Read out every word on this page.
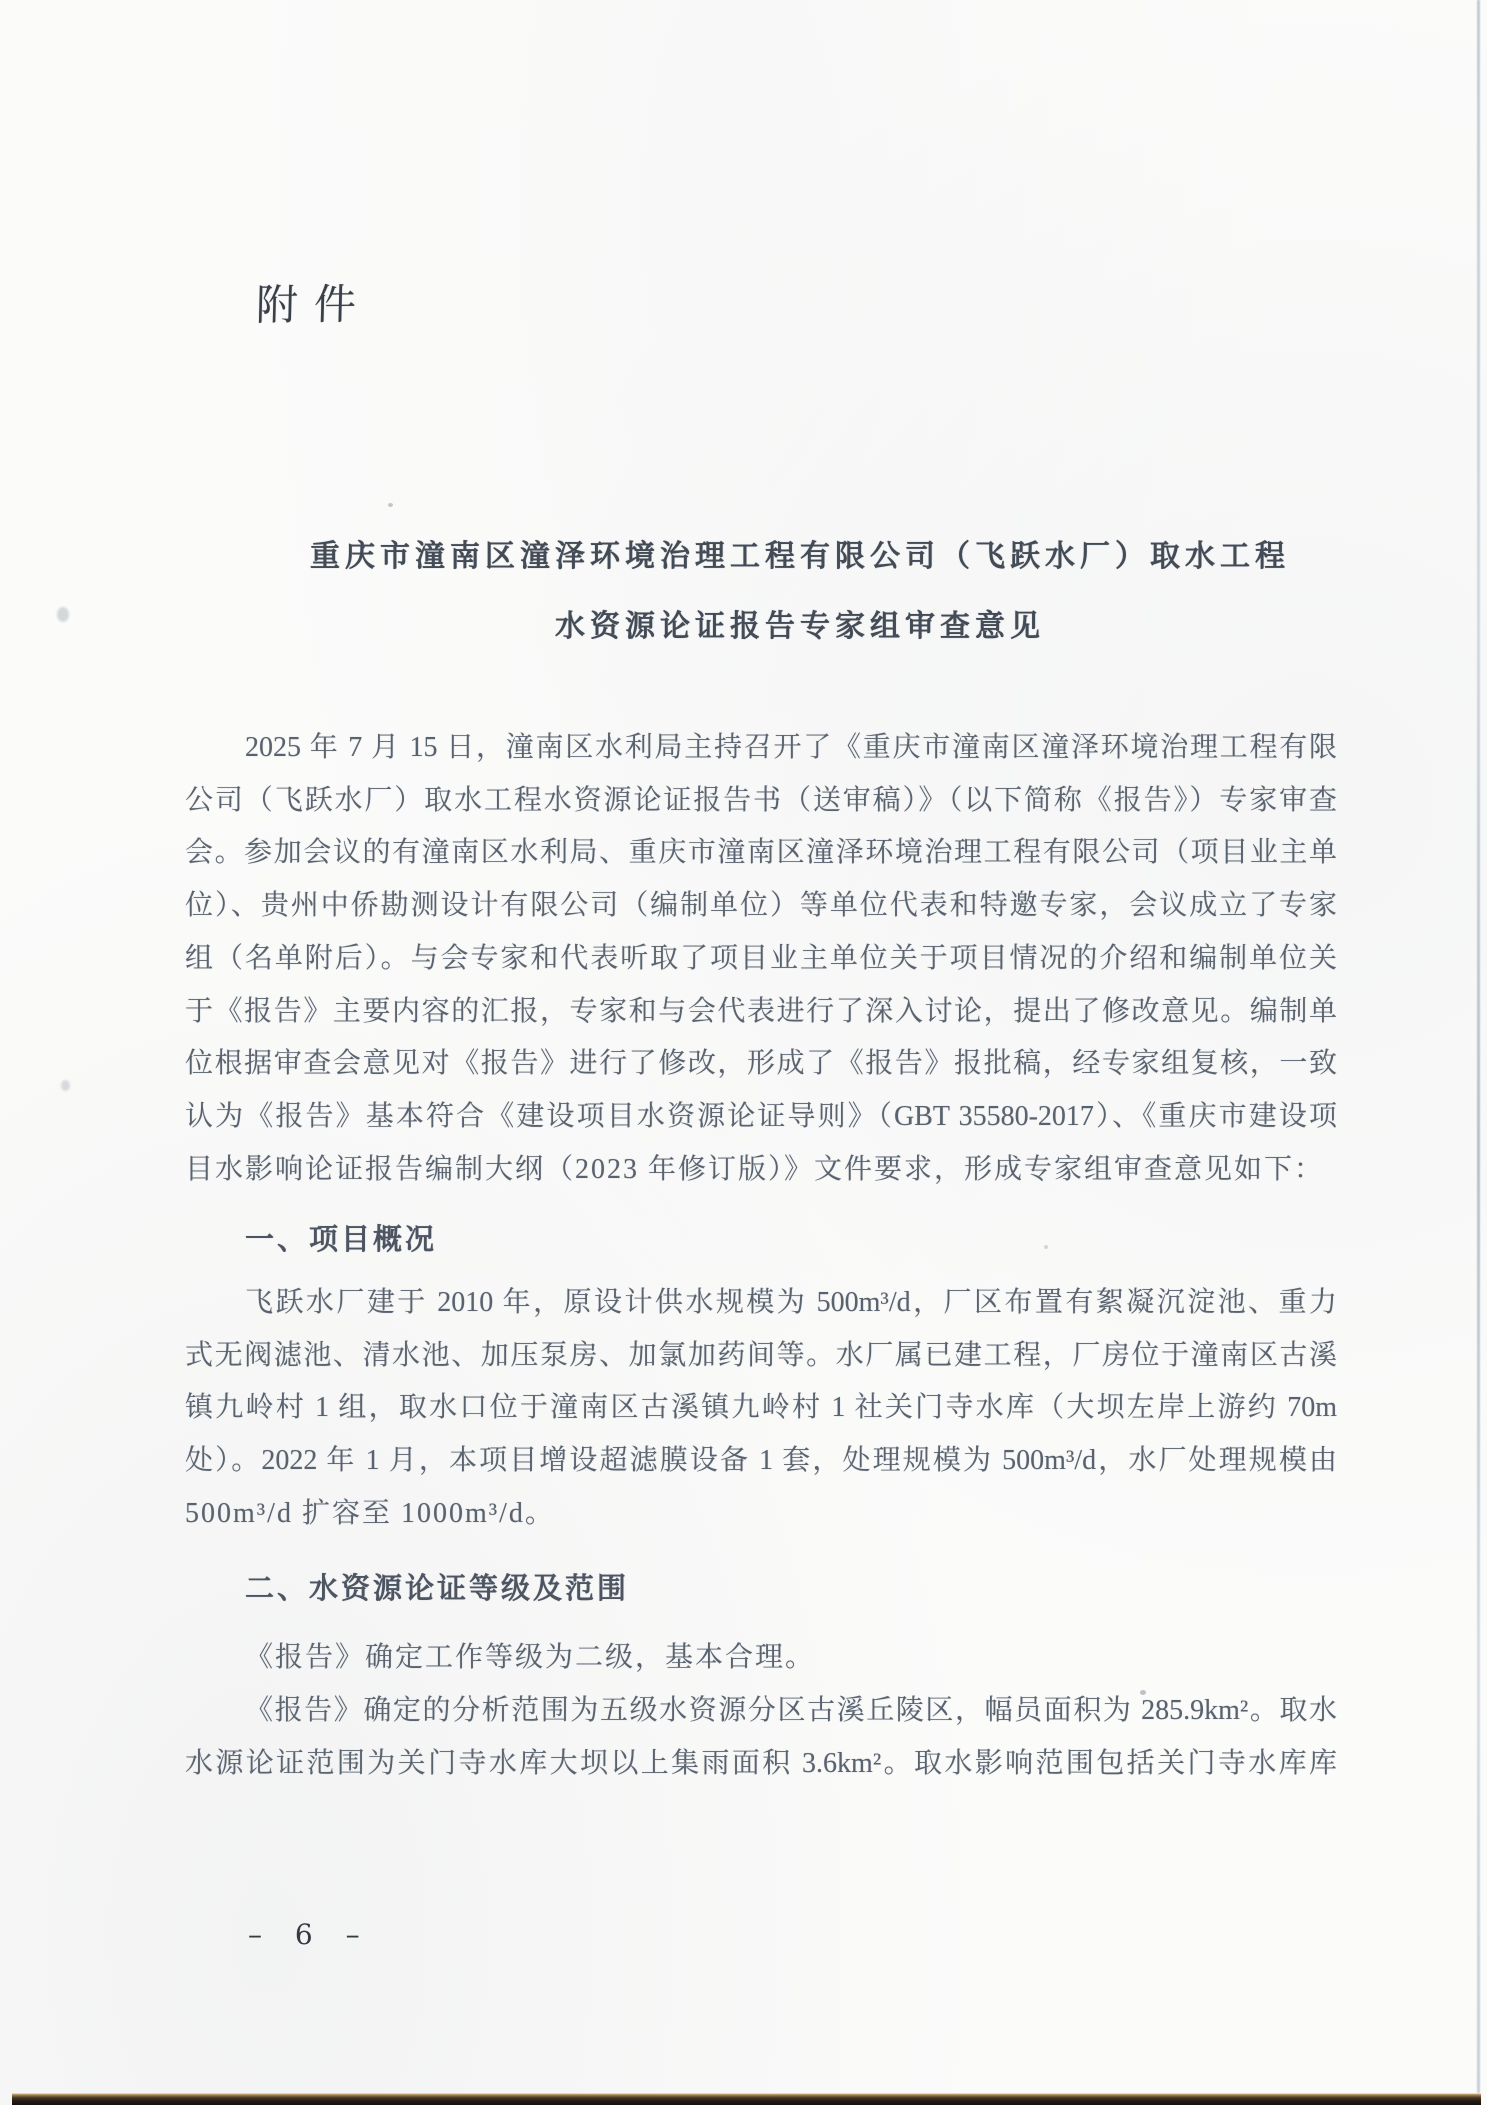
附件
重庆市潼南区潼泽环境治理工程有限公司（飞跃水厂）取水工程
水资源论证报告专家组审查意见
2025 年 7 月 15 日，潼南区水利局主持召开了《重庆市潼南区潼泽环境治理工程有限
公司（飞跃水厂）取水工程水资源论证报告书（送审稿）》（以下简称《报告》）专家审查
会。参加会议的有潼南区水利局、重庆市潼南区潼泽环境治理工程有限公司（项目业主单
位）、贵州中侨勘测设计有限公司（编制单位）等单位代表和特邀专家，会议成立了专家
组（名单附后）。与会专家和代表听取了项目业主单位关于项目情况的介绍和编制单位关
于《报告》主要内容的汇报，专家和与会代表进行了深入讨论，提出了修改意见。编制单
位根据审查会意见对《报告》进行了修改，形成了《报告》报批稿，经专家组复核，一致
认为《报告》基本符合《建设项目水资源论证导则》（GBT 35580-2017）、《重庆市建设项
目水影响论证报告编制大纲（2023 年修订版）》文件要求，形成专家组审查意见如下：
一、项目概况
飞跃水厂建于 2010 年，原设计供水规模为 500m³/d，厂区布置有絮凝沉淀池、重力
式无阀滤池、清水池、加压泵房、加氯加药间等。水厂属已建工程，厂房位于潼南区古溪
镇九岭村 1 组，取水口位于潼南区古溪镇九岭村 1 社关门寺水库（大坝左岸上游约 70m
处）。2022 年 1 月，本项目增设超滤膜设备 1 套，处理规模为 500m³/d，水厂处理规模由
500m³/d 扩容至 1000m³/d。
二、水资源论证等级及范围
《报告》确定工作等级为二级，基本合理。
《报告》确定的分析范围为五级水资源分区古溪丘陵区，幅员面积为 285.9km²。取水
水源论证范围为关门寺水库大坝以上集雨面积 3.6km²。取水影响范围包括关门寺水库库
– 6 –
